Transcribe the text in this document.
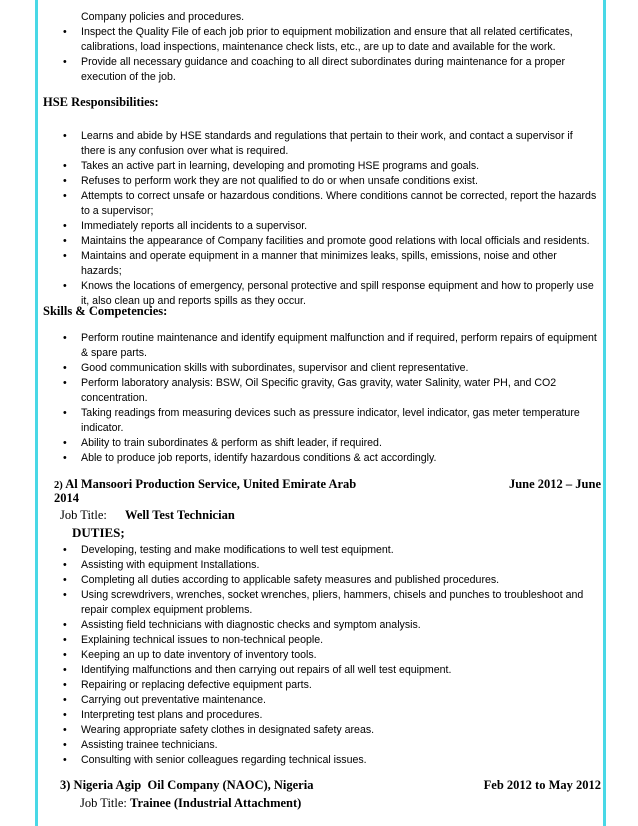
Company policies and procedures.
• Inspect the Quality File of each job prior to equipment mobilization and ensure that all related certificates, calibrations, load inspections, maintenance check lists, etc., are up to date and available for the work.
• Provide all necessary guidance and coaching to all direct subordinates during maintenance for a proper execution of the job.
HSE Responsibilities:
• Learns and abide by HSE standards and regulations that pertain to their work, and contact a supervisor if there is any confusion over what is required.
• Takes an active part in learning, developing and promoting HSE programs and goals.
• Refuses to perform work they are not qualified to do or when unsafe conditions exist.
• Attempts to correct unsafe or hazardous conditions. Where conditions cannot be corrected, report the hazards to a supervisor;
• Immediately reports all incidents to a supervisor.
• Maintains the appearance of Company facilities and promote good relations with local officials and residents.
• Maintains and operate equipment in a manner that minimizes leaks, spills, emissions, noise and other hazards;
• Knows the locations of emergency, personal protective and spill response equipment and how to properly use it, also clean up and reports spills as they occur.
Skills & Competencies:
• Perform routine maintenance and identify equipment malfunction and if required, perform repairs of equipment & spare parts.
• Good communication skills with subordinates, supervisor and client representative.
• Perform laboratory analysis: BSW, Oil Specific gravity, Gas gravity, water Salinity, water PH, and CO2 concentration.
• Taking readings from measuring devices such as pressure indicator, level indicator, gas meter temperature indicator.
• Ability to train subordinates & perform as shift leader, if required.
• Able to produce job reports, identify hazardous conditions & act accordingly.
2) Al Mansoori Production Service, United Emirate Arab	June 2012 – June
2014
Job Title: Well Test Technician
DUTIES;
• Developing, testing and make modifications to well test equipment.
• Assisting with equipment Installations.
• Completing all duties according to applicable safety measures and published procedures.
• Using screwdrivers, wrenches, socket wrenches, pliers, hammers, chisels and punches to troubleshoot and repair complex equipment problems.
• Assisting field technicians with diagnostic checks and symptom analysis.
• Explaining technical issues to non-technical people.
• Keeping an up to date inventory of inventory tools.
• Identifying malfunctions and then carrying out repairs of all well test equipment.
• Repairing or replacing defective equipment parts.
• Carrying out preventative maintenance.
• Interpreting test plans and procedures.
• Wearing appropriate safety clothes in designated safety areas.
• Assisting trainee technicians.
• Consulting with senior colleagues regarding technical issues.
3) Nigeria Agip  Oil Company (NAOC), Nigeria	Feb 2012 to May 2012
Job Title: Trainee (Industrial Attachment)
